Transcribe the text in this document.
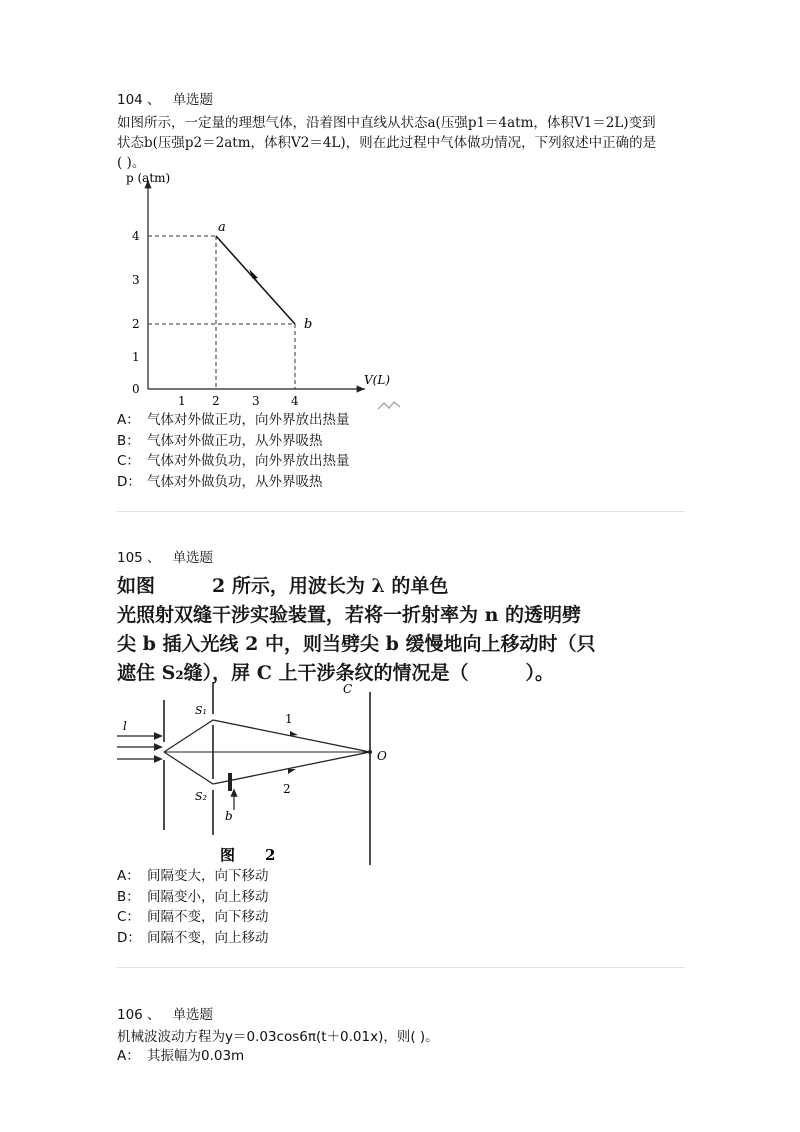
104 、 单选题
如图所示，一定量的理想气体，沿着图中直线从状态a(压强p1＝4atm，体积V1＝2L)变到
状态b(压强p2＝2atm，体积V2＝4L)，则在此过程中气体做功情况，下列叙述中正确的是
( )。
p (atm)
V(L)
4
3
2
1
0
1 2	3	4
a
b
A： 气体对外做正功，向外界放出热量
B： 气体对外做正功，从外界吸热
C： 气体对外做负功，向外界放出热量
D： 气体对外做负功，从外界吸热
105 、 单选题
如图　　　2 所示，用波长为 λ 的单色
光照射双缝干涉实验装置，若将一折射率为 n 的透明劈
尖 b 插入光线 2 中，则当劈尖 b 缓慢地向上移动时（只
遮住 S₂缝），屏 C 上干涉条纹的情况是（　　　）。
l
C
1
2
S₁
S₂
O
b
图　　2
A： 间隔变大，向下移动
B： 间隔变小，向上移动
C： 间隔不变，向下移动
D： 间隔不变，向上移动
106 、 单选题
机械波波动方程为y＝0.03cos6π(t＋0.01x)，则( )。
A： 其振幅为0.03m
